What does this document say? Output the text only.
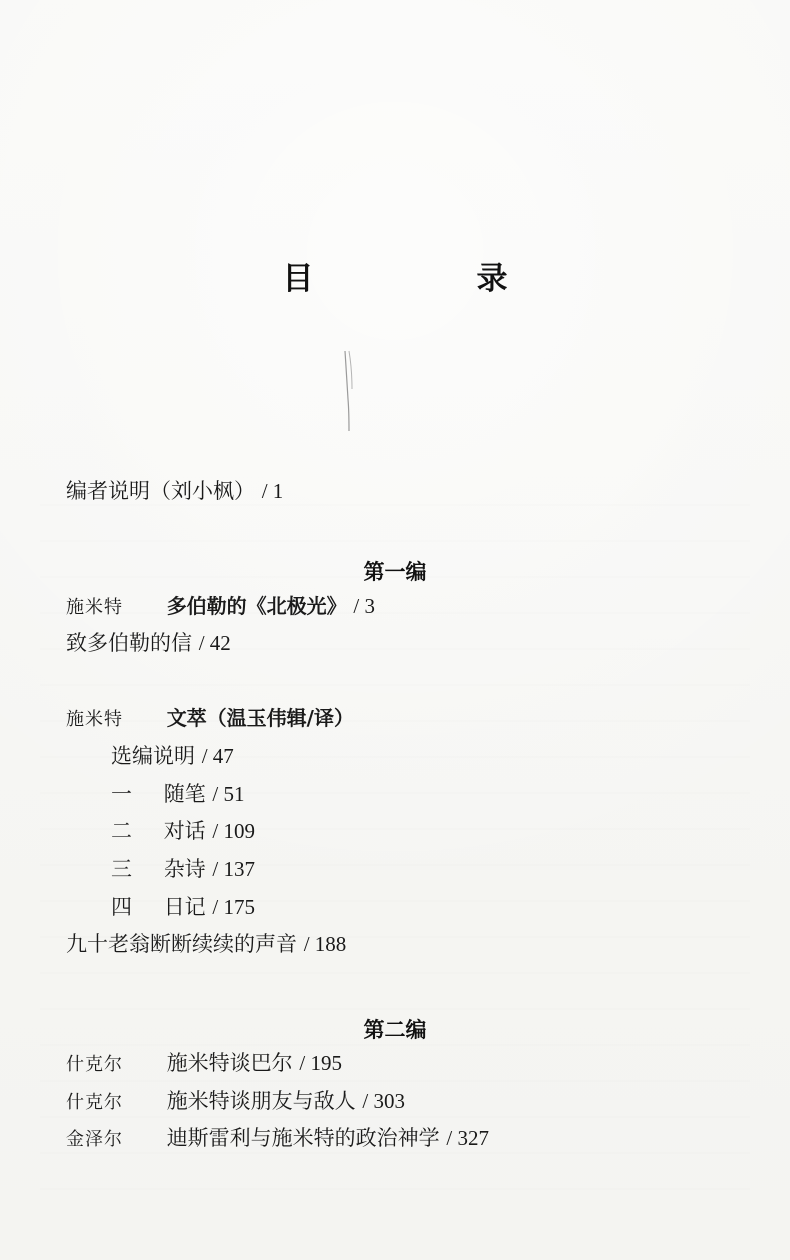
目　录
编者说明（刘小枫） / 1
第一编
施米特 多伯勒的《北极光》 / 3
致多伯勒的信 / 42
施米特 文萃（温玉伟辑/译）
选编说明 / 47
一 随笔 / 51
二 对话 / 109
三 杂诗 / 137
四 日记 / 175
九十老翁断断续续的声音 / 188
第二编
什克尔 施米特谈巴尔 / 195
什克尔 施米特谈朋友与敌人 / 303
金泽尔 迪斯雷利与施米特的政治神学 / 327
